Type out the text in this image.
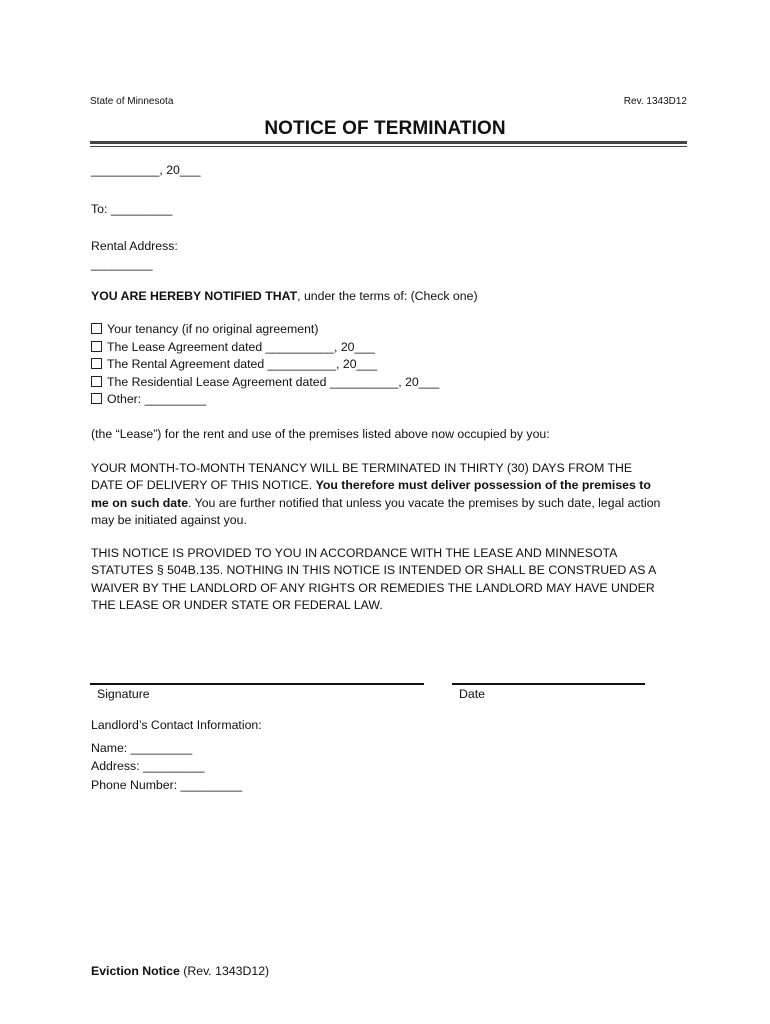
State of Minnesota	Rev. 1343D12
NOTICE OF TERMINATION
__________, 20___
To: _________
Rental Address:
_________
YOU ARE HEREBY NOTIFIED THAT, under the terms of: (Check one)
Your tenancy (if no original agreement)
The Lease Agreement dated __________, 20___
The Rental Agreement dated __________, 20___
The Residential Lease Agreement dated __________, 20___
Other: _________
(the “Lease”) for the rent and use of the premises listed above now occupied by you:
YOUR MONTH-TO-MONTH TENANCY WILL BE TERMINATED IN THIRTY (30) DAYS FROM THE
DATE OF DELIVERY OF THIS NOTICE. You therefore must deliver possession of the premises to
me on such date. You are further notified that unless you vacate the premises by such date, legal action
may be initiated against you.
THIS NOTICE IS PROVIDED TO YOU IN ACCORDANCE WITH THE LEASE AND MINNESOTA
STATUTES § 504B.135. NOTHING IN THIS NOTICE IS INTENDED OR SHALL BE CONSTRUED AS A
WAIVER BY THE LANDLORD OF ANY RIGHTS OR REMEDIES THE LANDLORD MAY HAVE UNDER
THE LEASE OR UNDER STATE OR FEDERAL LAW.
Signature	Date
Landlord’s Contact Information:
Name: _________
Address: _________
Phone Number: _________
Eviction Notice (Rev. 1343D12)
